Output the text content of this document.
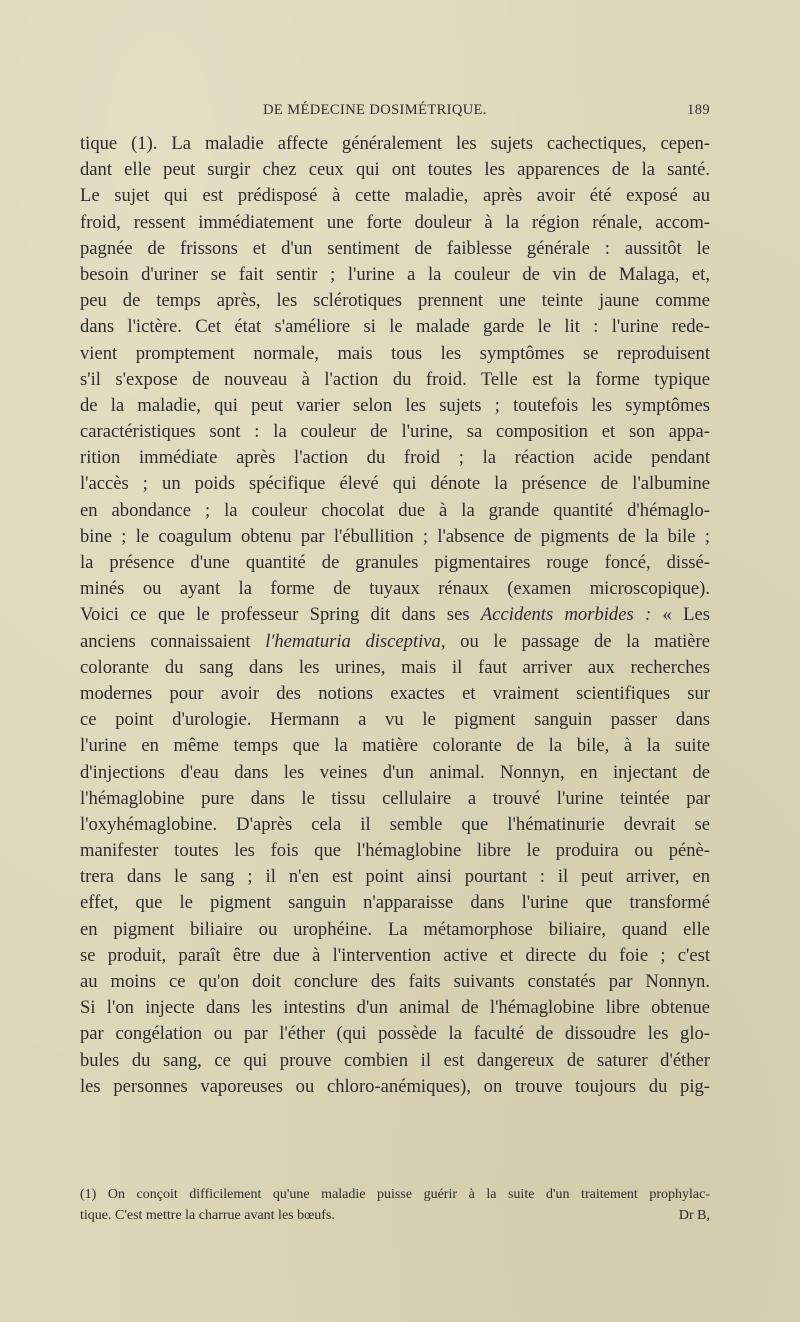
DE MÉDECINE DOSIMÉTRIQUE.	189
tique (1). La maladie affecte généralement les sujets cachectiques, cepen-
dant elle peut surgir chez ceux qui ont toutes les apparences de la santé.
Le sujet qui est prédisposé à cette maladie, après avoir été exposé au
froid, ressent immédiatement une forte douleur à la région rénale, accom-
pagnée de frissons et d'un sentiment de faiblesse générale : aussitôt le
besoin d'uriner se fait sentir ; l'urine a la couleur de vin de Malaga, et,
peu de temps après, les sclérotiques prennent une teinte jaune comme
dans l'ictère. Cet état s'améliore si le malade garde le lit : l'urine rede-
vient promptement normale, mais tous les symptômes se reproduisent
s'il s'expose de nouveau à l'action du froid. Telle est la forme typique
de la maladie, qui peut varier selon les sujets ; toutefois les symptômes
caractéristiques sont : la couleur de l'urine, sa composition et son appa-
rition immédiate après l'action du froid ; la réaction acide pendant
l'accès ; un poids spécifique élevé qui dénote la présence de l'albumine
en abondance ; la couleur chocolat due à la grande quantité d'hémaglo-
bine ; le coagulum obtenu par l'ébullition ; l'absence de pigments de la bile ;
la présence d'une quantité de granules pigmentaires rouge foncé, dissé-
minés ou ayant la forme de tuyaux rénaux (examen microscopique).
Voici ce que le professeur Spring dit dans ses Accidents morbides : « Les
anciens connaissaient l'hematuria disceptiva, ou le passage de la matière
colorante du sang dans les urines, mais il faut arriver aux recherches
modernes pour avoir des notions exactes et vraiment scientifiques sur
ce point d'urologie. Hermann a vu le pigment sanguin passer dans
l'urine en même temps que la matière colorante de la bile, à la suite
d'injections d'eau dans les veines d'un animal. Nonnyn, en injectant de
l'hémaglobine pure dans le tissu cellulaire a trouvé l'urine teintée par
l'oxyhémaglobine. D'après cela il semble que l'hématinurie devrait se
manifester toutes les fois que l'hémaglobine libre le produira ou pénè-
trera dans le sang ; il n'en est point ainsi pourtant : il peut arriver, en
effet, que le pigment sanguin n'apparaisse dans l'urine que transformé
en pigment biliaire ou urophéine. La métamorphose biliaire, quand elle
se produit, paraît être due à l'intervention active et directe du foie ; c'est
au moins ce qu'on doit conclure des faits suivants constatés par Nonnyn.
Si l'on injecte dans les intestins d'un animal de l'hémaglobine libre obtenue
par congélation ou par l'éther (qui possède la faculté de dissoudre les glo-
bules du sang, ce qui prouve combien il est dangereux de saturer d'éther
les personnes vaporeuses ou chloro-anémiques), on trouve toujours du pig-
(1) On conçoit difficilement qu'une maladie puisse guérir à la suite d'un traitement prophylac-
tique. C'est mettre la charrue avant les bœufs.	Dr B,
